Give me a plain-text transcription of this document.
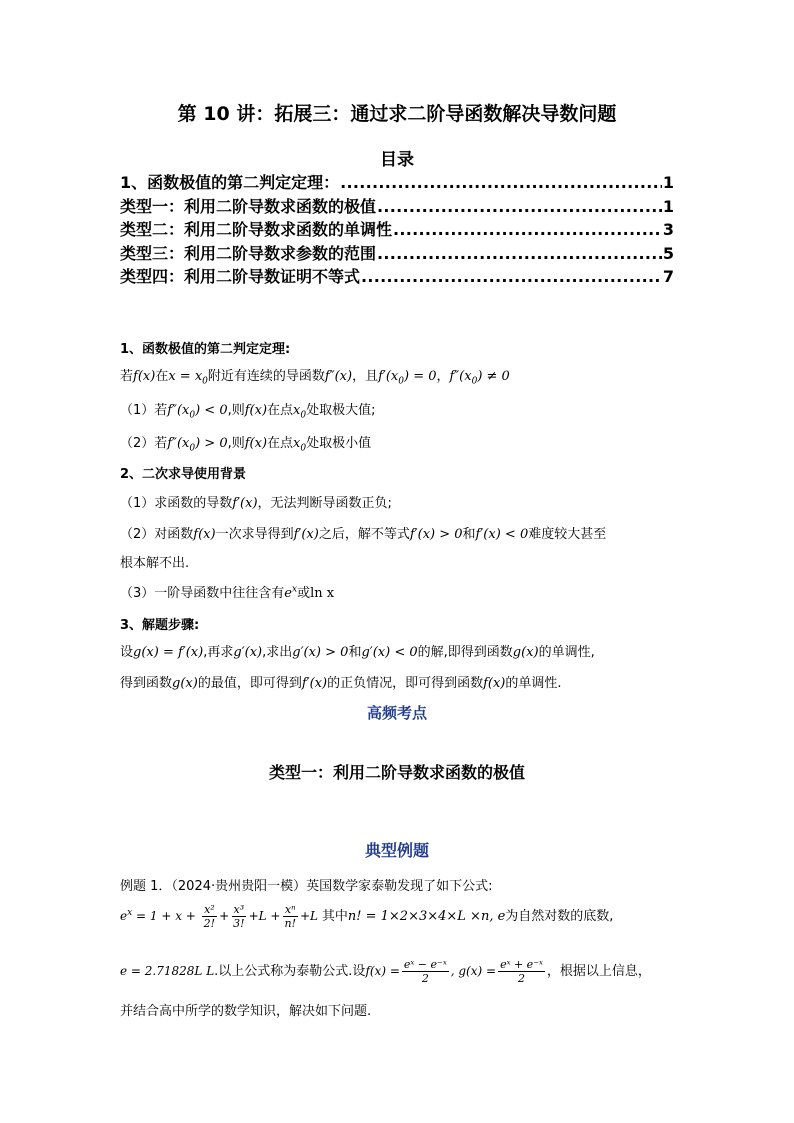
第 10 讲：拓展三：通过求二阶导函数解决导数问题
目录
1、函数极值的第二判定定理： .....	1
类型一：利用二阶导数求函数的极值 .....	1
类型二：利用二阶导数求函数的单调性 .....	3
类型三：利用二阶导数求参数的范围 .....	5
类型四：利用二阶导数证明不等式 .....	7
1、函数极值的第二判定定理:
若f(x)在$x = x_0$附近有连续的导函数f″(x)，且$f'(x_0) = 0$，$f''(x_0) \ne 0$
（1）若$f''(x_0) < 0$,则f(x)在点$x_0$处取极大值;
（2）若$f''(x_0) > 0$,则f(x)在点$x_0$处取极小值
2、二次求导使用背景
（1）求函数的导数f′(x)，无法判断导函数正负;
（2）对函数f(x)一次求导得到f′(x)之后，解不等式f′(x) > 0和f′(x) < 0难度较大甚至
根本解不出.
（3）一阶导函数中往往含有$e^x$或ln x
3、解题步骤:
设g(x) = f′(x),再求g′(x),求出g′(x) > 0和g′(x) < 0的解,即得到函数g(x)的单调性,
得到函数g(x)的最值，即可得到f′(x)的正负情况，即可得到函数f(x)的单调性.
高频考点
类型一：利用二阶导数求函数的极值
典型例题
例题 1．（2024·贵州贵阳一模）英国数学家泰勒发现了如下公式:
$e^x = 1 + x + \frac{\text{x²}}{2!} + \frac{\text{x³}}{3!} +L + \frac{\text{xⁿ}}{n!} +L$ 其中n! = 1×2×3×4×L ×n, e为自然对数的底数,
e = 2.71828L L.以上公式称为泰勒公式.设$f(x) = \frac{\text{eˣ − e⁻ˣ}}{2}$ , $g(x) = \frac{\text{eˣ + e⁻ˣ}}{2}$ ，根据以上信息，
并结合高中所学的数学知识，解决如下问题.
